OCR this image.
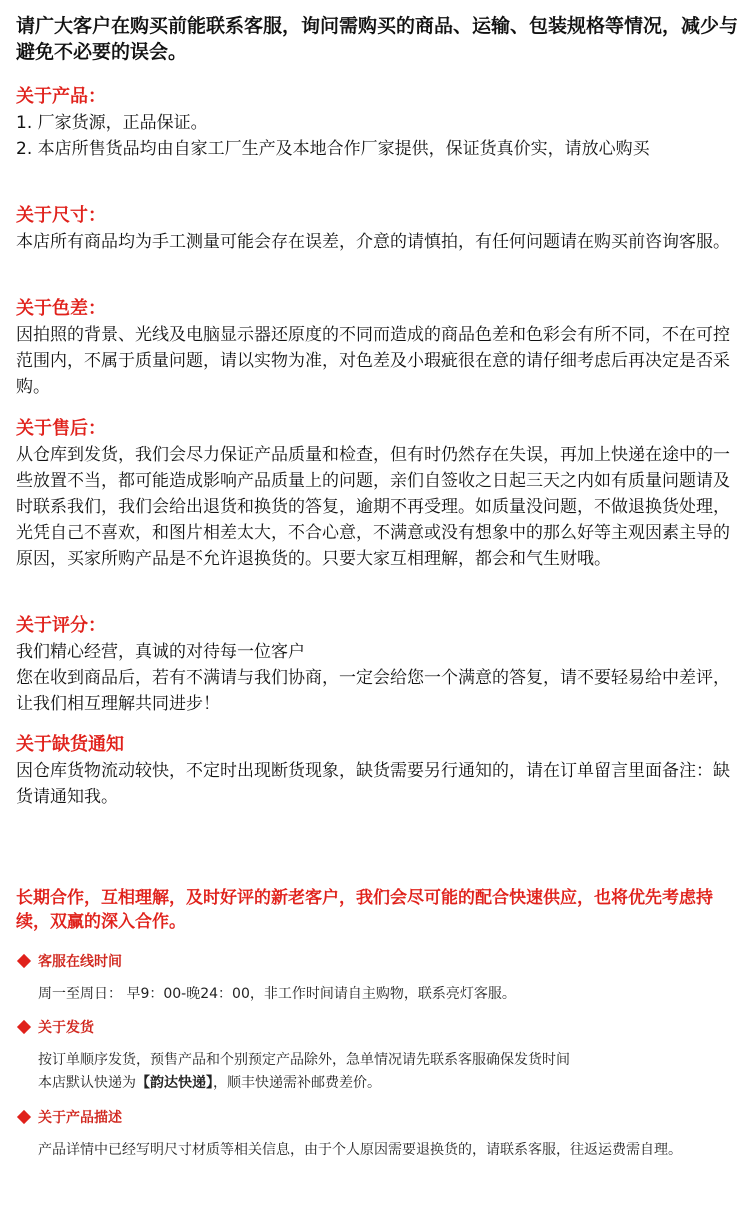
请广大客户在购买前能联系客服，询问需购买的商品、运输、包装规格等情况，减少与避免不必要的误会。
关于产品：

1. 厂家货源，正品保证。

2. 本店所售货品均由自家工厂生产及本地合作厂家提供，保证货真价实，请放心购买

关于尺寸：

本店所有商品均为手工测量可能会存在误差，介意的请慎拍，有任何问题请在购买前咨询客服。

关于色差：

因拍照的背景、光线及电脑显示器还原度的不同而造成的商品色差和色彩会有所不同，不在可控范围内，不属于质量问题，请以实物为准，对色差及小瑕疵很在意的请仔细考虑后再决定是否采购。

关于售后：

从仓库到发货，我们会尽力保证产品质量和检查，但有时仍然存在失误，再加上快递在途中的一些放置不当，都可能造成影响产品质量上的问题，亲们自签收之日起三天之内如有质量问题请及时联系我们，我们会给出退货和换货的答复，逾期不再受理。如质量没问题，不做退换货处理，光凭自己不喜欢，和图片相差太大，不合心意，不满意或没有想象中的那么好等主观因素主导的原因，买家所购产品是不允许退换货的。只要大家互相理解，都会和气生财哦。

关于评分：

我们精心经营，真诚的对待每一位客户

您在收到商品后，若有不满请与我们协商，一定会给您一个满意的答复，请不要轻易给中差评，让我们相互理解共同进步！

关于缺货通知

因仓库货物流动较快，不定时出现断货现象，缺货需要另行通知的，请在订单留言里面备注：缺货请通知我。

长期合作，互相理解，及时好评的新老客户，我们会尽可能的配合快速供应，也将优先考虑持续，双赢的深入合作。
客服在线时间

周一至周日： 早9：00-晚24：00，非工作时间请自主购物，联系亮灯客服。

关于发货

按订单顺序发货，预售产品和个别预定产品除外，急单情况请先联系客服确保发货时间

本店默认快递为【韵达快递】，顺丰快递需补邮费差价。

关于产品描述

产品详情中已经写明尺寸材质等相关信息，由于个人原因需要退换货的，请联系客服，往返运费需自理。
